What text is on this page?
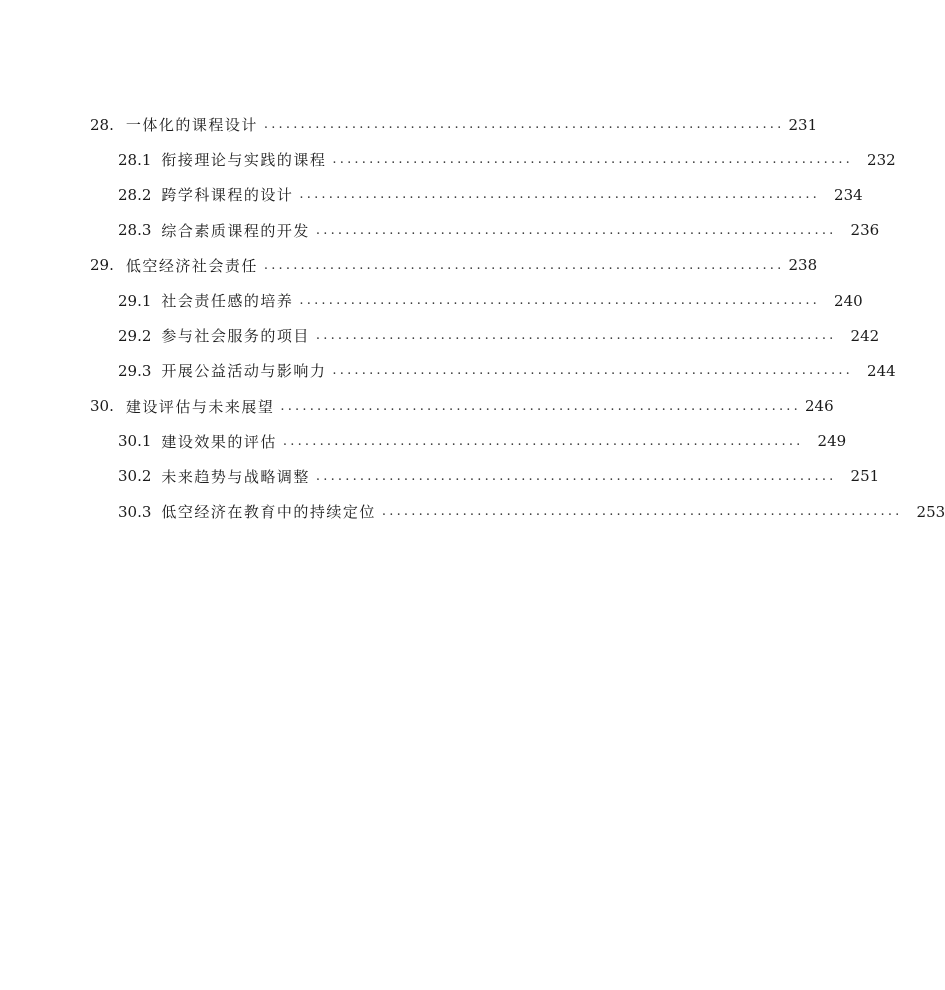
28. 一体化的课程设计 ....................................................................... 231
28.1 衔接理论与实践的课程 ....................................................................... 232
28.2 跨学科课程的设计 ....................................................................... 234
28.3 综合素质课程的开发 ....................................................................... 236
29. 低空经济社会责任 ....................................................................... 238
29.1 社会责任感的培养 ....................................................................... 240
29.2 参与社会服务的项目 ....................................................................... 242
29.3 开展公益活动与影响力 ....................................................................... 244
30. 建设评估与未来展望 ....................................................................... 246
30.1 建设效果的评估 ....................................................................... 249
30.2 未来趋势与战略调整 ....................................................................... 251
30.3 低空经济在教育中的持续定位 ....................................................................... 253
